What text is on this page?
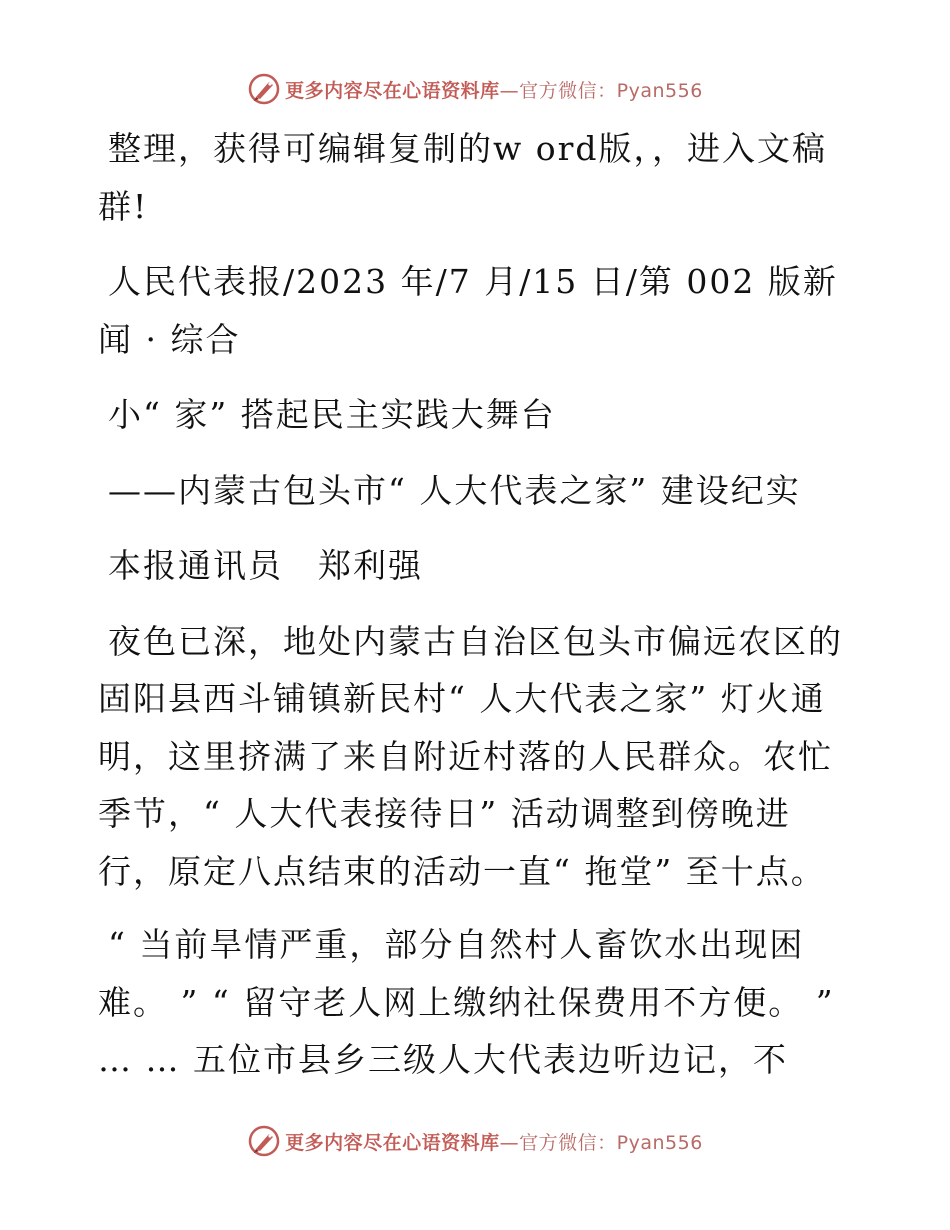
更多内容尽在心语资料库—官方微信：Pyan556

整理，获得可编辑复制的w ord版，，进入文稿群!

人民代表报/2023 年/7 月/15 日/第 002 版新闻 · 综合

小“ 家” 搭起民主实践大舞台

——内蒙古包头市“ 人大代表之家” 建设纪实

本报通讯员　郑利强

夜色已深，地处内蒙古自治区包头市偏远农区的固阳县西斗铺镇新民村“ 人大代表之家” 灯火通明，这里挤满了来自附近村落的人民群众。农忙季节，“ 人大代表接待日” 活动调整到傍晚进行，原定八点结束的活动一直“ 拖堂” 至十点。

“ 当前旱情严重，部分自然村人畜饮水出现困难。 ” “ 留守老人网上缴纳社保费用不方便。 ” … … 五位市县乡三级人大代表边听边记，不

更多内容尽在心语资料库—官方微信：Pyan556
